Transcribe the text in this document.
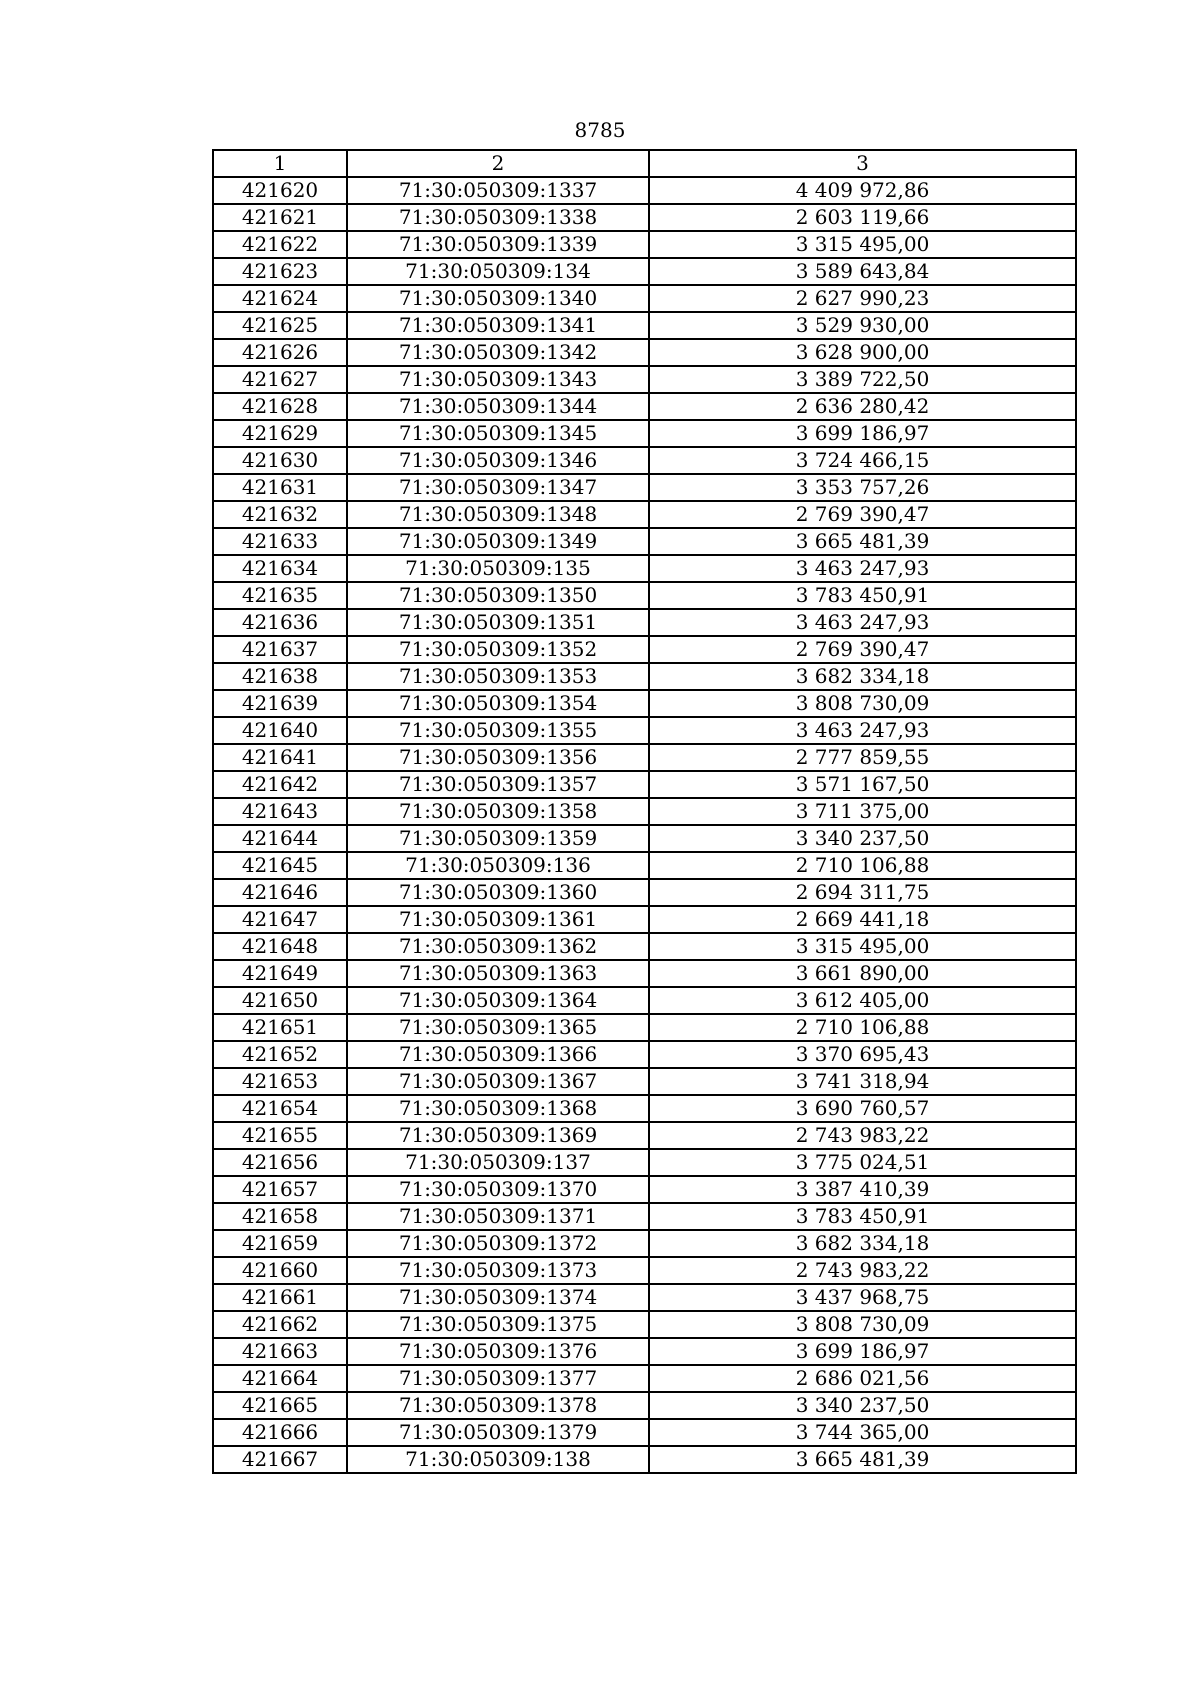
8785
1	2	3
421620	71:30:050309:1337	4 409 972,86
421621	71:30:050309:1338	2 603 119,66
421622	71:30:050309:1339	3 315 495,00
421623	71:30:050309:134	3 589 643,84
421624	71:30:050309:1340	2 627 990,23
421625	71:30:050309:1341	3 529 930,00
421626	71:30:050309:1342	3 628 900,00
421627	71:30:050309:1343	3 389 722,50
421628	71:30:050309:1344	2 636 280,42
421629	71:30:050309:1345	3 699 186,97
421630	71:30:050309:1346	3 724 466,15
421631	71:30:050309:1347	3 353 757,26
421632	71:30:050309:1348	2 769 390,47
421633	71:30:050309:1349	3 665 481,39
421634	71:30:050309:135	3 463 247,93
421635	71:30:050309:1350	3 783 450,91
421636	71:30:050309:1351	3 463 247,93
421637	71:30:050309:1352	2 769 390,47
421638	71:30:050309:1353	3 682 334,18
421639	71:30:050309:1354	3 808 730,09
421640	71:30:050309:1355	3 463 247,93
421641	71:30:050309:1356	2 777 859,55
421642	71:30:050309:1357	3 571 167,50
421643	71:30:050309:1358	3 711 375,00
421644	71:30:050309:1359	3 340 237,50
421645	71:30:050309:136	2 710 106,88
421646	71:30:050309:1360	2 694 311,75
421647	71:30:050309:1361	2 669 441,18
421648	71:30:050309:1362	3 315 495,00
421649	71:30:050309:1363	3 661 890,00
421650	71:30:050309:1364	3 612 405,00
421651	71:30:050309:1365	2 710 106,88
421652	71:30:050309:1366	3 370 695,43
421653	71:30:050309:1367	3 741 318,94
421654	71:30:050309:1368	3 690 760,57
421655	71:30:050309:1369	2 743 983,22
421656	71:30:050309:137	3 775 024,51
421657	71:30:050309:1370	3 387 410,39
421658	71:30:050309:1371	3 783 450,91
421659	71:30:050309:1372	3 682 334,18
421660	71:30:050309:1373	2 743 983,22
421661	71:30:050309:1374	3 437 968,75
421662	71:30:050309:1375	3 808 730,09
421663	71:30:050309:1376	3 699 186,97
421664	71:30:050309:1377	2 686 021,56
421665	71:30:050309:1378	3 340 237,50
421666	71:30:050309:1379	3 744 365,00
421667	71:30:050309:138	3 665 481,39
